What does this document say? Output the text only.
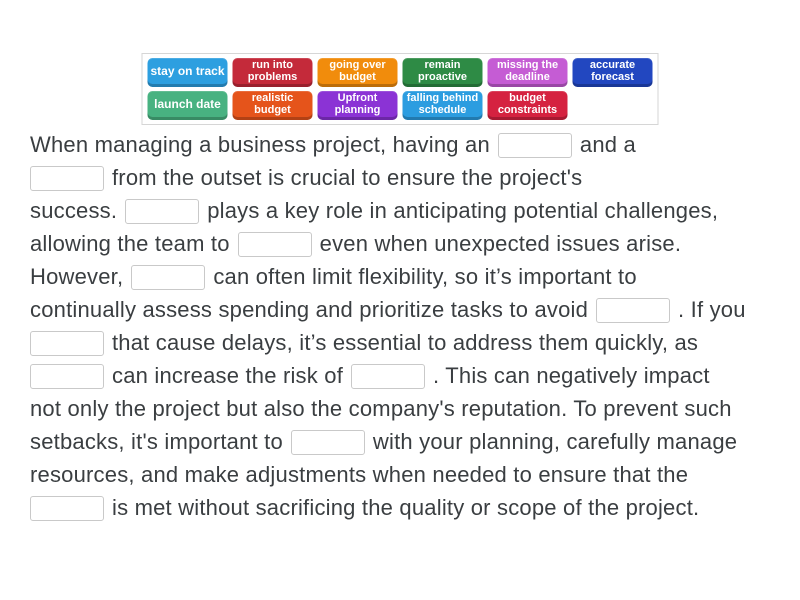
stay on track	run into problems
going over budget
remain proactive
missing the deadline
accurate forecast
launch date	realistic budget
Upfront planning
falling behind schedule
budget constraints
When managing a business project, having an	and a
from the outset is crucial to ensure the project's
success.	plays a key role in anticipating potential challenges,
allowing the team to	even when unexpected issues arise.
However,	can often limit flexibility, so it’s important to
continually assess spending and prioritize tasks to avoid	. If you
that cause delays, it’s essential to address them quickly, as
can increase the risk of	. This can negatively impact
not only the project but also the company's reputation. To prevent such
setbacks, it's important to	with your planning, carefully manage
resources, and make adjustments when needed to ensure that the
is met without sacrificing the quality or scope of the project.
